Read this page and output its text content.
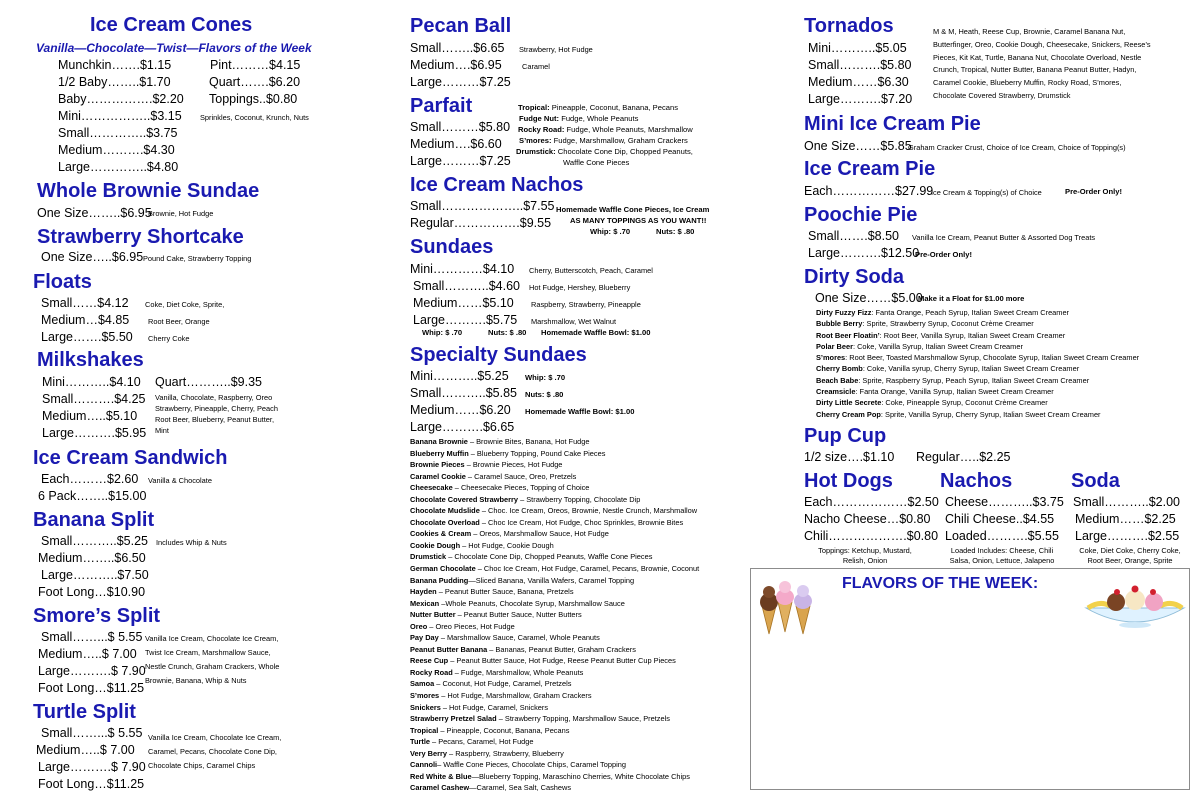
Ice Cream Cones
Vanilla—Chocolate—Twist—Flavors of the Week
Munchkin…….$1.15
1/2 Baby……..$1.70
Baby…………….$2.20
Mini……………..$3.15
Small…………..$3.75
Medium……….$4.30
Large…………..$4.80
Pint………$4.15
Quart…….$6.20
Toppings..$0.80
Sprinkles, Coconut, Krunch, Nuts
Whole Brownie Sundae
One Size……..$6.95
Brownie, Hot Fudge
Strawberry Shortcake
One Size…..$6.95 Pound Cake, Strawberry Topping
Floats
Small……$4.12
Medium…$4.85
Large…….$5.50
Coke, Diet Coke, Sprite,
Root Beer, Orange
Cherry Coke
Milkshakes
Mini………..$4.10
Small……….$4.25
Medium…..$5.10
Large……….$5.95
Quart………..$9.35
Vanilla, Chocolate, Raspberry, Oreo
Strawberry, Pineapple, Cherry, Peach
Root Beer, Blueberry, Peanut Butter,
Mint
Ice Cream Sandwich
Each………$2.60
6 Pack……..$15.00
Vanilla & Chocolate
Banana Split
Small………..$5.25
Medium……..$6.50
Large………..$7.50
Foot Long…$10.90
Includes Whip & Nuts
Smore’s Split
Small……...$ 5.55
Medium…..$ 7.00
Large……….$ 7.90
Foot Long…$11.25
Vanilla Ice Cream, Chocolate Ice Cream,
Twist Ice Cream, Marshmallow Sauce,
Nestle Crunch, Graham Crackers, Whole
Brownie, Banana, Whip & Nuts
Turtle Split
Small……...$ 5.55
Medium…..$ 7.00
Large……….$ 7.90
Foot Long…$11.25
Vanilla Ice Cream, Chocolate Ice Cream,
Caramel, Pecans, Chocolate Cone Dip,
Chocolate Chips, Caramel Chips
Pecan Ball
Small……..$6.65
Medium….$6.95
Large………$7.25
Strawberry, Hot Fudge
Caramel
Parfait
Small………$5.80
Medium….$6.60
Large………$7.25
Tropical: Pineapple, Coconut, Banana, Pecans
Fudge Nut: Fudge, Whole Peanuts
Rocky Road: Fudge, Whole Peanuts, Marshmallow
S’mores: Fudge, Marshmallow, Graham Crackers
Drumstick: Chocolate Cone Dip, Chopped Peanuts,
Waffle Cone Pieces
Ice Cream Nachos
Small………………..$7.55
Regular…………….$9.55
Homemade Waffle Cone Pieces, Ice Cream
AS MANY TOPPINGS AS YOU WANT!!
Whip: $ .70	Nuts: $ .80
Sundaes
Mini…………$4.10
Small………..$4.60
Medium……$5.10
Large……….$5.75
Cherry, Butterscotch, Peach, Caramel
Hot Fudge, Hershey, Blueberry
Raspberry, Strawberry, Pineapple
Marshmallow, Wet Walnut
Whip: $ .70	Nuts: $ .80 Homemade Waffle Bowl: $1.00
Specialty Sundaes
Mini………..$5.25
Small………..$5.85
Medium……$6.20
Large……….$6.65
Whip: $ .70
Nuts: $ .80
Homemade Waffle Bowl: $1.00
Banana Brownie – Brownie Bites, Banana, Hot Fudge
Blueberry Muffin – Blueberry Topping, Pound Cake Pieces
Brownie Pieces – Brownie Pieces, Hot Fudge
Caramel Cookie – Caramel Sauce, Oreo, Pretzels
Cheesecake – Cheesecake Pieces, Topping of Choice
Chocolate Covered Strawberry – Strawberry Topping, Chocolate Dip
Chocolate Mudslide – Choc. Ice Cream, Oreos, Brownie, Nestle Crunch, Marshmallow
Chocolate Overload – Choc Ice Cream, Hot Fudge, Choc Sprinkles, Brownie Bites
Cookies & Cream – Oreos, Marshmallow Sauce, Hot Fudge
Cookie Dough – Hot Fudge, Cookie Dough
Drumstick – Chocolate Cone Dip, Chopped Peanuts, Waffle Cone Pieces
German Chocolate – Choc Ice Cream, Hot Fudge, Caramel, Pecans, Brownie, Coconut
Banana Pudding—Sliced Banana, Vanilla Wafers, Caramel Topping
Hayden – Peanut Butter Sauce, Banana, Pretzels
Mexican –Whole Peanuts, Chocolate Syrup, Marshmallow Sauce
Nutter Butter – Peanut Butter Sauce, Nutter Butters
Oreo – Oreo Pieces, Hot Fudge
Pay Day – Marshmallow Sauce, Caramel, Whole Peanuts
Peanut Butter Banana – Bananas, Peanut Butter, Graham Crackers
Reese Cup – Peanut Butter Sauce, Hot Fudge, Reese Peanut Butter Cup Pieces
Rocky Road – Fudge, Marshmallow, Whole Peanuts
Samoa – Coconut, Hot Fudge, Caramel, Pretzels
S’mores – Hot Fudge, Marshmallow, Graham Crackers
Snickers – Hot Fudge, Caramel, Snickers
Strawberry Pretzel Salad – Strawberry Topping, Marshmallow Sauce, Pretzels
Tropical – Pineapple, Coconut, Banana, Pecans
Turtle – Pecans, Caramel, Hot Fudge
Very Berry – Raspberry, Strawberry, Blueberry
Cannoli– Waffle Cone Pieces, Chocolate Chips, Caramel Topping
Red White & Blue—Blueberry Topping, Maraschino Cherries, White Chocolate Chips
Caramel Cashew—Caramel, Sea Salt, Cashews
Tornados
Mini………..$5.05
Small……….$5.80
Medium……$6.30
Large……….$7.20
M & M, Heath, Reese Cup, Brownie, Caramel Banana Nut,
Butterfinger, Oreo, Cookie Dough, Cheesecake, Snickers, Reese’s
Pieces, Kit Kat, Turtle, Banana Nut, Chocolate Overload, Nestle
Crunch, Tropical, Nutter Butter, Banana Peanut Butter, Hadyn,
Caramel Cookie, Blueberry Muffin, Rocky Road, S’mores,
Chocolate Covered Strawberry, Drumstick
Mini Ice Cream Pie
One Size……$5.85
Graham Cracker Crust, Choice of Ice Cream, Choice of Topping(s)
Ice Cream Pie
Each……………$27.99
Ice Cream & Topping(s) of Choice	Pre-Order Only!
Poochie Pie
Small…….$8.50
Large……….$12.50
Vanilla Ice Cream, Peanut Butter & Assorted Dog Treats
Pre-Order Only!
Dirty Soda
One Size……$5.00
Make it a Float for $1.00 more
Dirty Fuzzy Fizz: Fanta Orange, Peach Syrup, Italian Sweet Cream Creamer
Bubble Berry: Sprite, Strawberry Syrup, Coconut Crème Creamer
Root Beer Floatin’: Root Beer, Vanilla Syrup, Italian Sweet Cream Creamer
Polar Beer: Coke, Vanilla Syrup, Italian Sweet Cream Creamer
S’mores: Root Beer, Toasted Marshmallow Syrup, Chocolate Syrup, Italian Sweet Cream Creamer
Cherry Bomb: Coke, Vanilla syrup, Cherry Syrup, Italian Sweet Cream Creamer
Beach Babe: Sprite, Raspberry Syrup, Peach Syrup, Italian Sweet Cream Creamer
Creamsicle: Fanta Orange, Vanilla Syrup, Italian Sweet Cream Creamer
Dirty Little Secrete: Coke, Pineapple Syrup, Coconut Crème Creamer
Cherry Cream Pop: Sprite, Vanilla Syrup, Cherry Syrup, Italian Sweet Cream Creamer
Pup Cup
1/2 size….$1.10 Regular…..$2.25
Hot Dogs
Each………………$2.50
Nacho Cheese…$0.80
Chili……………….$0.80
Toppings: Ketchup, Mustard,
Relish, Onion
Nachos
Cheese………..$3.75
Chili Cheese..$4.55
Loaded……….$5.55
Loaded Includes: Cheese, Chili
Salsa, Onion, Lettuce, Jalapeno
Soda
Small………..$2.00
Medium……$2.25
Large……….$2.55
Coke, Diet Coke, Cherry Coke,
Root Beer, Orange, Sprite
FLAVORS OF THE WEEK:
